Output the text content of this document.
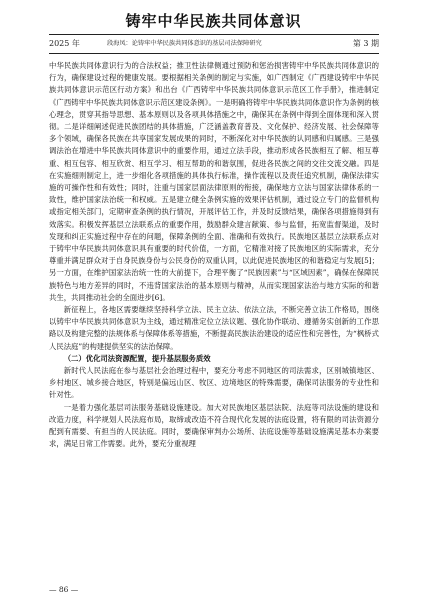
铸牢中华民族共同体意识
2025 年	段海凤：论铸牢中华民族共同体意识的基层司法保障研究	第 3 期

中华民族共同体意识行为的合法权益；推卫性法律侧通过预防和惩治损害铸牢中华民族共同体意识的行为，确保建设过程的健康发展。要根据相关条例的制定与实施，如广西制定《广西建设铸牢中华民族共同体意识示范区行动方案》和出台《广西铸牢中华民族共同体意识示范区工作手册》，推进制定《广西铸牢中华民族共同体意识示范区建设条例》。一是明确将铸牢中华民族共同体意识作为条例的核心理念，贯穿其指导思想、基本原则以及各项具体措施之中，确保其在条例中得到全面体现和深入贯彻。二是详细阐述促进民族团结的具体措施，广泛涵盖教育普及、文化保护、经济发展、社会保障等多个领域，确保各民族在共享国家发展成果的同时，不断深化对中华民族的认同感和归属感。三是强调法治在增进中华民族共同体意识中的重要作用，通过立法手段，推动形成各民族相互了解、相互尊重、相互包容、相互欣赏、相互学习、相互帮助的和谐氛围，促进各民族之间的交往交流交融。四是在实施细则制定上，进一步细化各项措施的具体执行标准，操作流程以及责任追究机制，确保法律实施的可操作性和有效性；同时，注重与国家层面法律原则的衔接，确保地方立法与国家法律体系的一致性，维护国家法治统一和权威。五是建立健全条例实施的效果评估机制，通过设立专门的监督机构或指定相关部门，定期审查条例的执行情况，开展评估工作，并及时反馈结果，确保各项措施得到有效落实。积极发挥基层立法联系点的重要作用，鼓励群众建言献策、参与监督，拓宽监督渠道，及时发现和纠正实施过程中存在的问题，保障条例的全面、准确和有效执行。民族地区基层立法联系点对于铸牢中华民族共同体意识具有重要的时代价值，一方面，它精准对接了民族地区的实际需求，充分尊重并满足群众对于自身民族身份与公民身份的双重认同，以此促进民族地区的和谐稳定与发展[5]；另一方面，在维护国家法治统一性的大前提下，合理平衡了“民族因素”与“区域因素”，确保在保障民族特色与地方差异的同时，不违背国家法治的基本原则与精神，从而实现国家法治与地方实际的和谐共生，共同推动社会的全面进步[6]。

新征程上，各地区需要继续坚持科学立法、民主立法、依法立法，不断完善立法工作格局，围绕以铸牢中华民族共同体意识为主线，通过精准定位立法议题、强化协作联动、遵循务实创新的工作思路以及构建完整的法规体系与保障体系等措施，不断提高民族法治建设的适应性和完善性，为“枫桥式人民法庭”的构建提供坚实的法治保障。

（二）优化司法资源配置，提升基层服务质效

新时代人民法庭在参与基层社会治理过程中，要充分考虑不同地区的司法需求，区别城镇地区、乡村地区、城乡接合地区，特别是偏远山区、牧区、边境地区的特殊需要，确保司法服务的专业性和针对性。

一是着力强化基层司法服务基础设施建设。加大对民族地区基层法院、法庭等司法设施的建设和改造力度，科学规划人民法庭布局，取缔或改造不符合现代化发展的法庭设置，将有限的司法资源分配到有需要、有担当的人民法庭。同时，要确保审判办公场所、法庭设施等基础设施满足基本办案要求，满足日常工作需要。此外，要充分重视理

— 86 —
